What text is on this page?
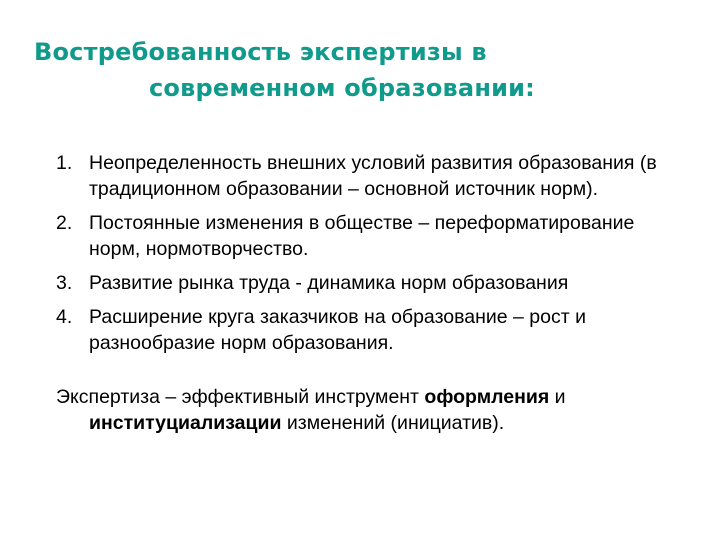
Востребованность экспертизы в
современном образовании:
1. Неопределенность внешних условий развития образования (в традиционном образовании – основной источник норм).
2. Постоянные изменения в обществе – переформатирование норм, нормотворчество.
3. Развитие рынка труда - динамика норм образования
4. Расширение круга заказчиков на образование – рост и разнообразие норм образования.

Экспертиза – эффективный инструмент оформления и институциализации изменений (инициатив).
